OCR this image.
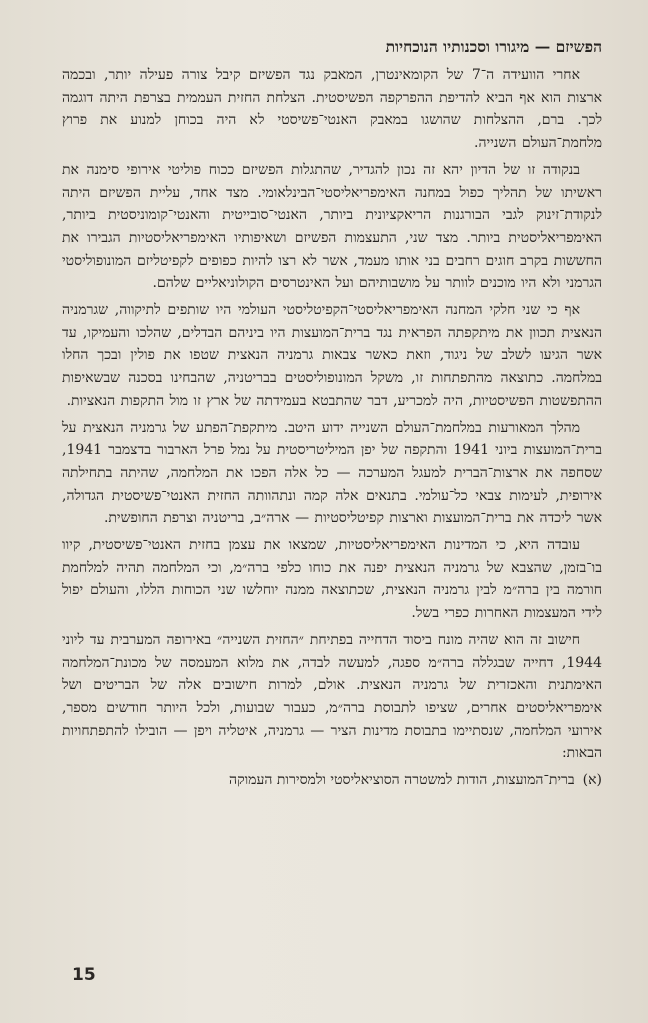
הפשיזם — מיגורו וסכנותיו הנוכחיות

אחרי הוועידה ה־7 של הקומאינטרן, המאבק נגד הפשיזם קיבל צורה פעילה יותר, ובכמה ארצות הוא אף הביא להדיפת ההפרקפה הפשיסטית. הצלחת החזית העממית בצרפת היתה דוגמה לכך. ברם, ההצלחות שהושגו במאבק האנטי־פשיסטי לא היה בכוחן למנוע את פרוץ מלחמת־העולם השנייה.

בנקודה זו של הדיון יהא זה נכון להגדיר, שהתגלות הפשיזם ככוח פוליטי אירופי סימנה את ראשיתו של תהליך כפול במחנה האימפריאליסטי־הבינלאומי. מצד אחד, עליית הפשיזם היתה לנקודת־זינוק לגבי הבורגנות הריאקציונית ביותר, האנטי־סובייטית והאנטי־קומוניסטית ביותר, האימפריאליסטית ביותר. מצד שני, התעצמות הפשיזם ושאיפותיו האימפריאליסטיות הגבירו את החששות בקרב חוגים רחבים בני אותו מעמד, אשר לא רצו להיות כפופים לקפיטליזם המונופוליסטי הגרמני ולא היו מוכנים לוותר על מושבותיהם ועל האינטרסים הקולוניאליים שלהם.

אף כי שני חלקי המחנה האימפריאליסטי־הקפיטליסטי העולמי היו שותפים לתיקווה, שגרמניה הנאצית תכוון את מיתקפתה הפראית נגד ברית־המועצות היו ביניהם הבדלים, שהלכו והעמיקו, עד אשר הגיעו לשלב של ניגוד, וזאת כאשר צבאות גרמניה הנאצית שטפו את פולין ובכך החלו במלחמה. כתוצאה מהתפתחות זו, משקל המונופוליסטים בבריטניה, שהבחינו בסכנה שבשאיפות ההתפשטות הפשיסטיות, היה למכריע, דבר שהתבטא בעמידתה של ארץ זו מול התקפות הנאציות.

מהלך המאורעות במלחמת־העולם השנייה ידוע היטב. מיתקפת־הפתע של גרמניה הנאצית על ברית־המועצות ביוני 1941 והתקפה של יפן המיליטריסטית על נמל פרל הארבור בדצמבר 1941, שסחפה את ארצות־הברית למעגל המערכה — כל אלה הפכו את המלחמה, שהיתה בתחילתה אירופית, לעימות צבאי כל־עולמי. בתנאים אלה קמה ונתהוותה החזית האנטי־פשיסטית הגדולה, אשר ליכדה את ברית־המועצות וארצות קפיטליסטיות — ארה״ב, בריטניה וצרפת החופשית.

עובדה היא, כי המדינות האימפריאליסטיות, שמצאו את עצמן בחזית האנטי־פשיסטית, קיוו בו־בזמן, שהצבא של גרמניה הנאצית יפנה את כוחו כלפי ברה״מ, וכי המלחמה תהיה למלחמת חורמה בין ברה״מ לבין גרמניה הנאצית, שכתוצאה ממנה יוחלשו שני הכוחות הללו, והעולם יפול לידי המעצמות האחרות כפרי בשל.

חישוב זה הוא שהיה מונח ביסוד הדחייה בפתיחת ״החזית השנייה״ באירופה המערבית עד ליוני 1944, דחייה שבגללה ברה״מ ספגה, למעשה לבדה, את מלוא המעמסה של מכונת־המלחמה האימתנית והאכזרית של גרמניה הנאצית. אולם, למרות חישובים אלה של הבריטים ושל אימפריאליסטים אחרים, שציפו לתבוסת ברה״מ, כעבור שבועות, ולכל היותר חודשים מספר, אירועי המלחמה, שנסתיימו בתבוסת מדינות הציר — גרמניה, איטליה ויפן — הובילו להתפתחויות הבאות:

(א)ברית־המועצות, הודות למשטרה הסוציאליסטי ולמסירות העמוקה

15
